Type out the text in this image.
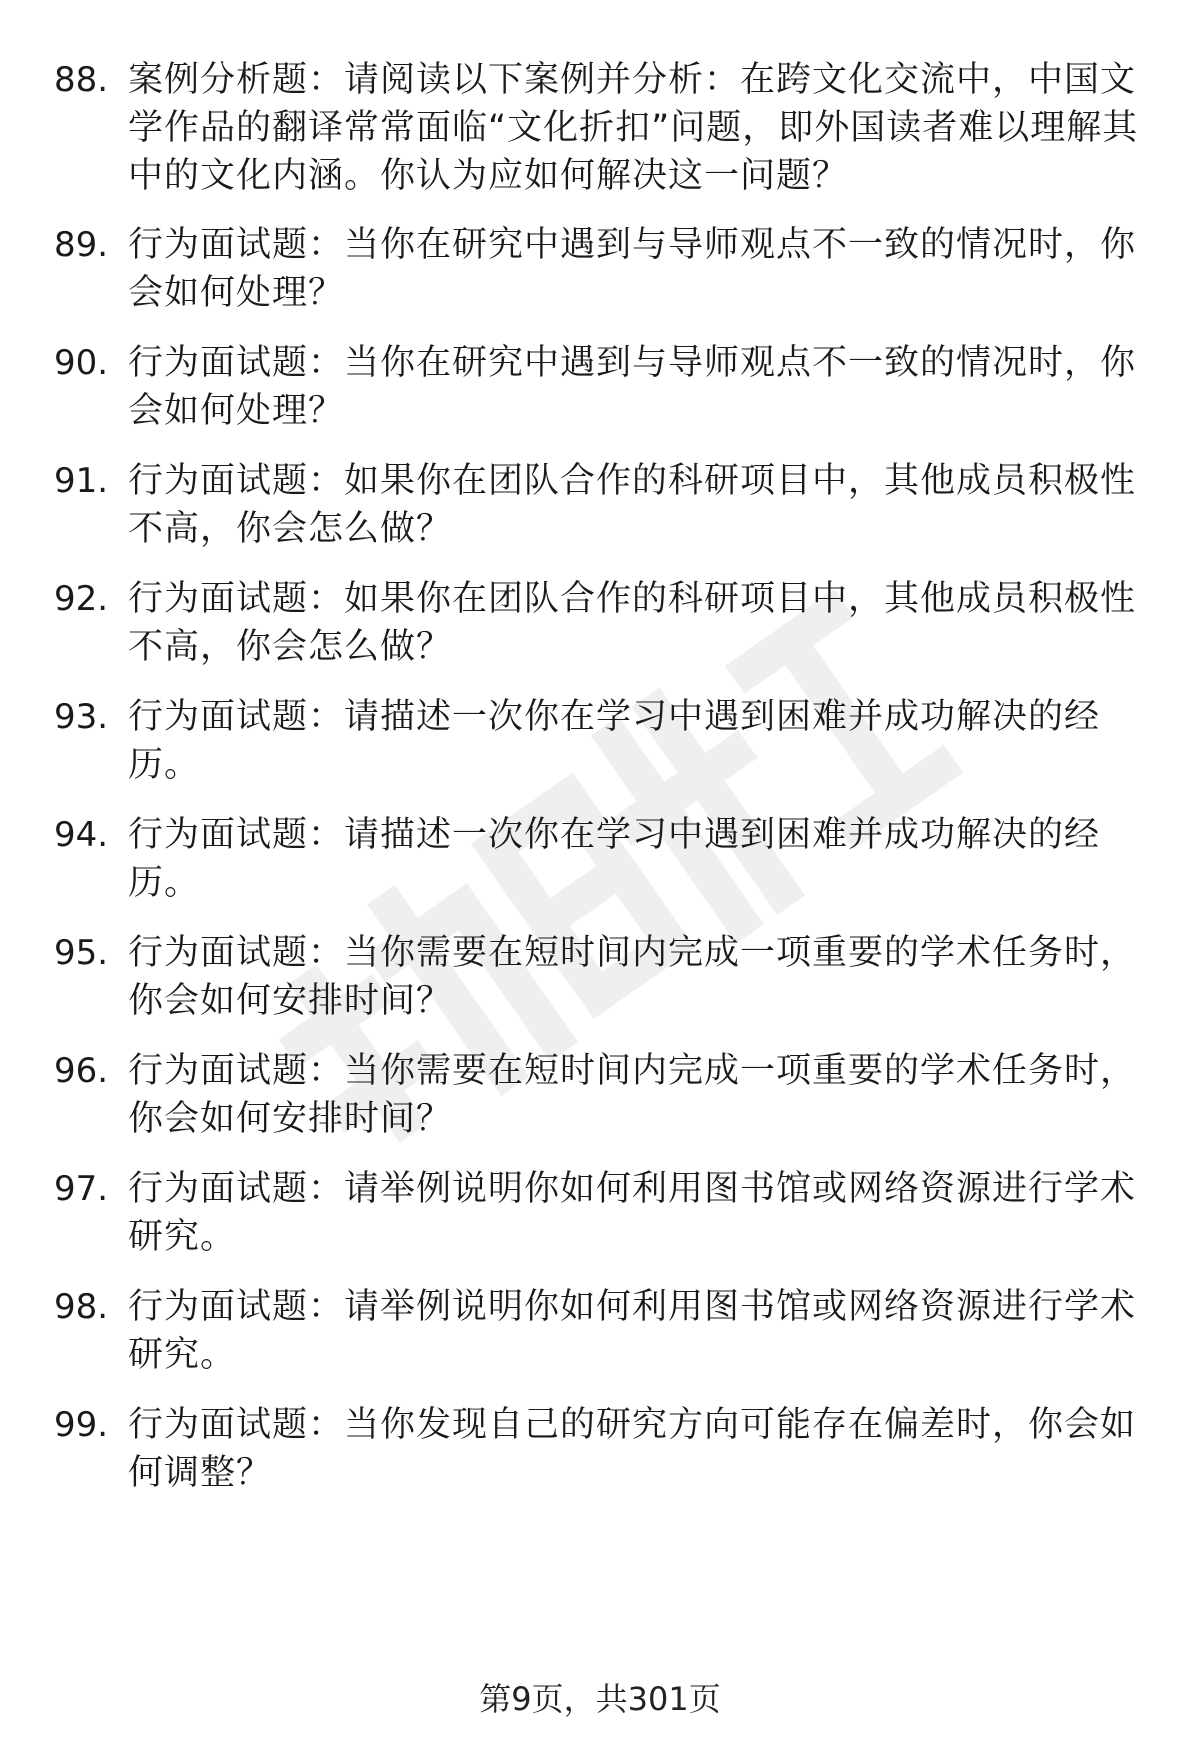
88. 案例分析题：请阅读以下案例并分析：在跨文化交流中，中国文学作品的翻译常常面临“文化折扣”问题，即外国读者难以理解其中的文化内涵。你认为应如何解决这一问题？
89. 行为面试题：当你在研究中遇到与导师观点不一致的情况时，你会如何处理？
90. 行为面试题：当你在研究中遇到与导师观点不一致的情况时，你会如何处理？
91. 行为面试题：如果你在团队合作的科研项目中，其他成员积极性不高，你会怎么做？
92. 行为面试题：如果你在团队合作的科研项目中，其他成员积极性不高，你会怎么做？
93. 行为面试题：请描述一次你在学习中遇到困难并成功解决的经历。
94. 行为面试题：请描述一次你在学习中遇到困难并成功解决的经历。
95. 行为面试题：当你需要在短时间内完成一项重要的学术任务时，你会如何安排时间？
96. 行为面试题：当你需要在短时间内完成一项重要的学术任务时，你会如何安排时间？
97. 行为面试题：请举例说明你如何利用图书馆或网络资源进行学术研究。
98. 行为面试题：请举例说明你如何利用图书馆或网络资源进行学术研究。
99. 行为面试题：当你发现自己的研究方向可能存在偏差时，你会如何调整？
第9页，共301页
